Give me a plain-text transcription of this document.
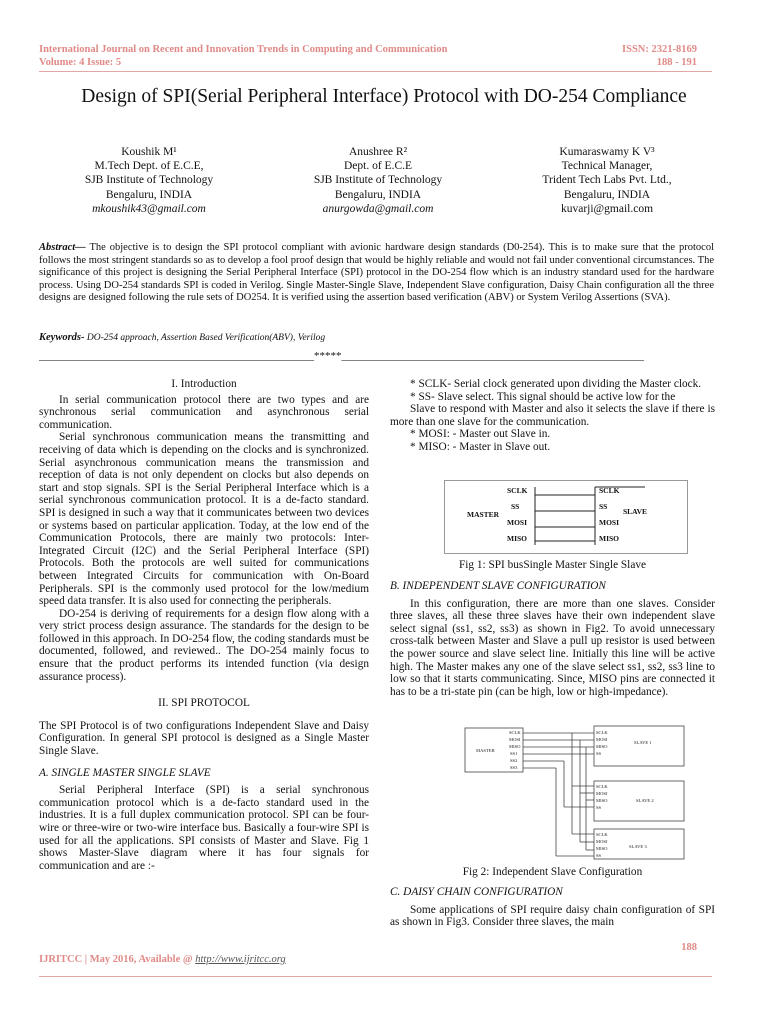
International Journal on Recent and Innovation Trends in Computing and Communication
Volume: 4 Issue: 5
ISSN: 2321-8169
188 - 191
Design of SPI(Serial Peripheral Interface) Protocol with DO-254 Compliance
Koushik M¹
M.Tech Dept. of E.C.E,
SJB Institute of Technology
Bengaluru, INDIA
mkoushik43@gmail.com
Anushree R²
Dept. of E.C.E
SJB Institute of Technology
Bengaluru, INDIA
anurgowda@gmail.com
Kumaraswamy K V³
Technical Manager,
Trident Tech Labs Pvt. Ltd.,
Bengaluru, INDIA
kuvarji@gmail.com
Abstract— The objective is to design the SPI protocol compliant with avionic hardware design standards (D0-254). This is to make sure that the protocol follows the most stringent standards so as to develop a fool proof design that would be highly reliable and would not fail under conventional circumstances. The significance of this project is designing the Serial Peripheral Interface (SPI) protocol in the DO-254 flow which is an industry standard used for the hardware process. Using DO-254 standards SPI is coded in Verilog. Single Master-Single Slave, Independent Slave configuration, Daisy Chain configuration all the three designs are designed following the rule sets of DO254. It is verified using the assertion based verification (ABV) or System Verilog Assertions (SVA).
Keywords- DO-254 approach, Assertion Based Verification(ABV), Verilog
__________________________________________________*****_______________________________________________________
I. Introduction

In serial communication protocol there are two types and are synchronous serial communication and asynchronous serial communication.

Serial synchronous communication means the transmitting and receiving of data which is depending on the clocks and is synchronized. Serial asynchronous communication means the transmission and reception of data is not only dependent on clocks but also depends on start and stop signals. SPI is the Serial Peripheral Interface which is a serial synchronous communication protocol. It is a de-facto standard. SPI is designed in such a way that it communicates between two devices or systems based on particular application. Today, at the low end of the Communication Protocols, there are mainly two protocols: Inter- Integrated Circuit (I2C) and the Serial Peripheral Interface (SPI) Protocols. Both the protocols are well suited for communications between Integrated Circuits for communication with On-Board Peripherals. SPI is the commonly used protocol for the low/medium speed data transfer. It is also used for connecting the peripherals.

DO-254 is deriving of requirements for a design flow along with a very strict process design assurance. The standards for the design to be followed in this approach. In DO-254 flow, the coding standards must be documented, followed, and reviewed.. The DO-254 mainly focus to ensure that the product performs its intended function (via design assurance process).

II. SPI PROTOCOL

The SPI Protocol is of two configurations Independent Slave and Daisy Configuration. In general SPI protocol is designed as a Single Master Single Slave.

A. SINGLE MASTER SINGLE SLAVE

Serial Peripheral Interface (SPI) is a serial synchronous communication protocol which is a de-facto standard used in the industries. It is a full duplex communication protocol. SPI can be four-wire or three-wire or two-wire interface bus. Basically a four-wire SPI is used for all the applications. SPI consists of Master and Slave. Fig 1 shows Master-Slave diagram where it has four signals for communication and are :-

* SCLK- Serial clock generated upon dividing the Master clock.

* SS- Slave select. This signal should be active low for the

Slave to respond with Master and also it selects the slave if there is more than one slave for the communication.

* MOSI: - Master out Slave in.

* MISO: - Master in Slave out.

MASTER	SLAVE
SCLK
SS
MOSI
MISO
SCLK
SS
MOSI
MISO
Fig 1: SPI busSingle Master Single Slave
B. INDEPENDENT SLAVE CONFIGURATION

In this configuration, there are more than one slaves. Consider three slaves, all these three slaves have their own independent slave select signal (ss1, ss2, ss3) as shown in Fig2. To avoid unnecessary cross-talk between Master and Slave a pull up resistor is used between the power source and slave select line. Initially this line will be active high. The Master makes any one of the slave select ss1, ss2, ss3 line to low so that it starts communicating. Since, MISO pins are connected it has to be a tri-state pin (can be high, low or high-impedance).

MASTER
SCLK
MOSI
MISO
SS1
SS2
SS3
SCLK
MOSI
MISO
SS
SLAVE 1
SCLK
MOSI
MISO
SS
SLAVE 2
SCLK
MOSI
MISO
SS
SLAVE 3
Fig 2: Independent Slave Configuration
C. DAISY CHAIN CONFIGURATION

Some applications of SPI require daisy chain configuration of SPI as shown in Fig3. Consider three slaves, the main

188
IJRITCC | May 2016, Available @ http://www.ijritcc.org
